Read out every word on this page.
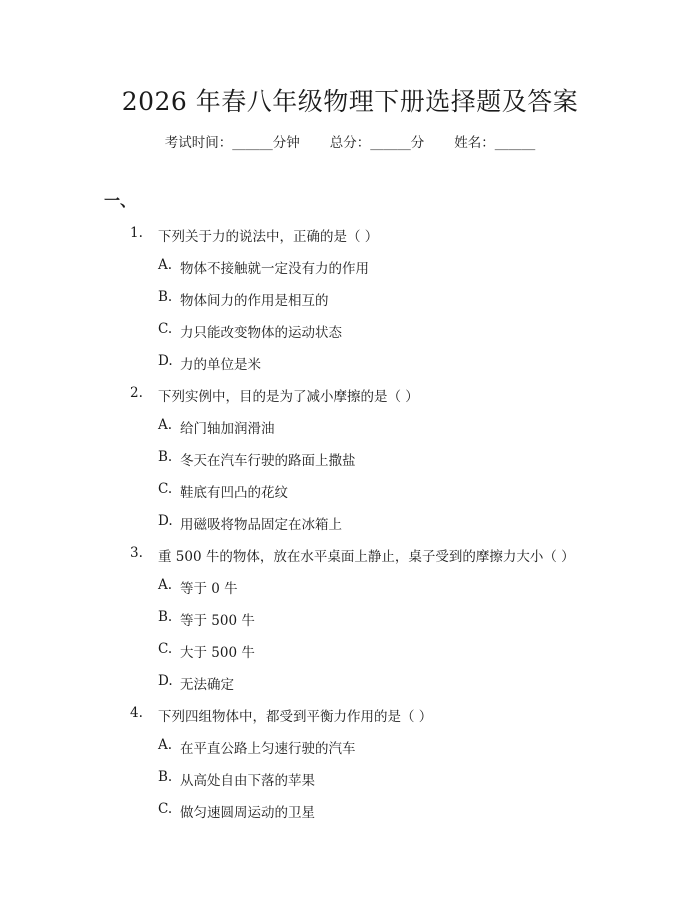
2026 年春八年级物理下册选择题及答案
考试时间：______分钟 总分：______分 姓名：______
一、
1. 下列关于力的说法中，正确的是（ ）
A. 物体不接触就一定没有力的作用
B. 物体间力的作用是相互的
C. 力只能改变物体的运动状态
D. 力的单位是米
2. 下列实例中，目的是为了减小摩擦的是（ ）
A. 给门轴加润滑油
B. 冬天在汽车行驶的路面上撒盐
C. 鞋底有凹凸的花纹
D. 用磁吸将物品固定在冰箱上
3. 重 500 牛的物体，放在水平桌面上静止，桌子受到的摩擦力大小（ ）
A. 等于 0 牛
B. 等于 500 牛
C. 大于 500 牛
D. 无法确定
4. 下列四组物体中，都受到平衡力作用的是（ ）
A. 在平直公路上匀速行驶的汽车
B. 从高处自由下落的苹果
C. 做匀速圆周运动的卫星
